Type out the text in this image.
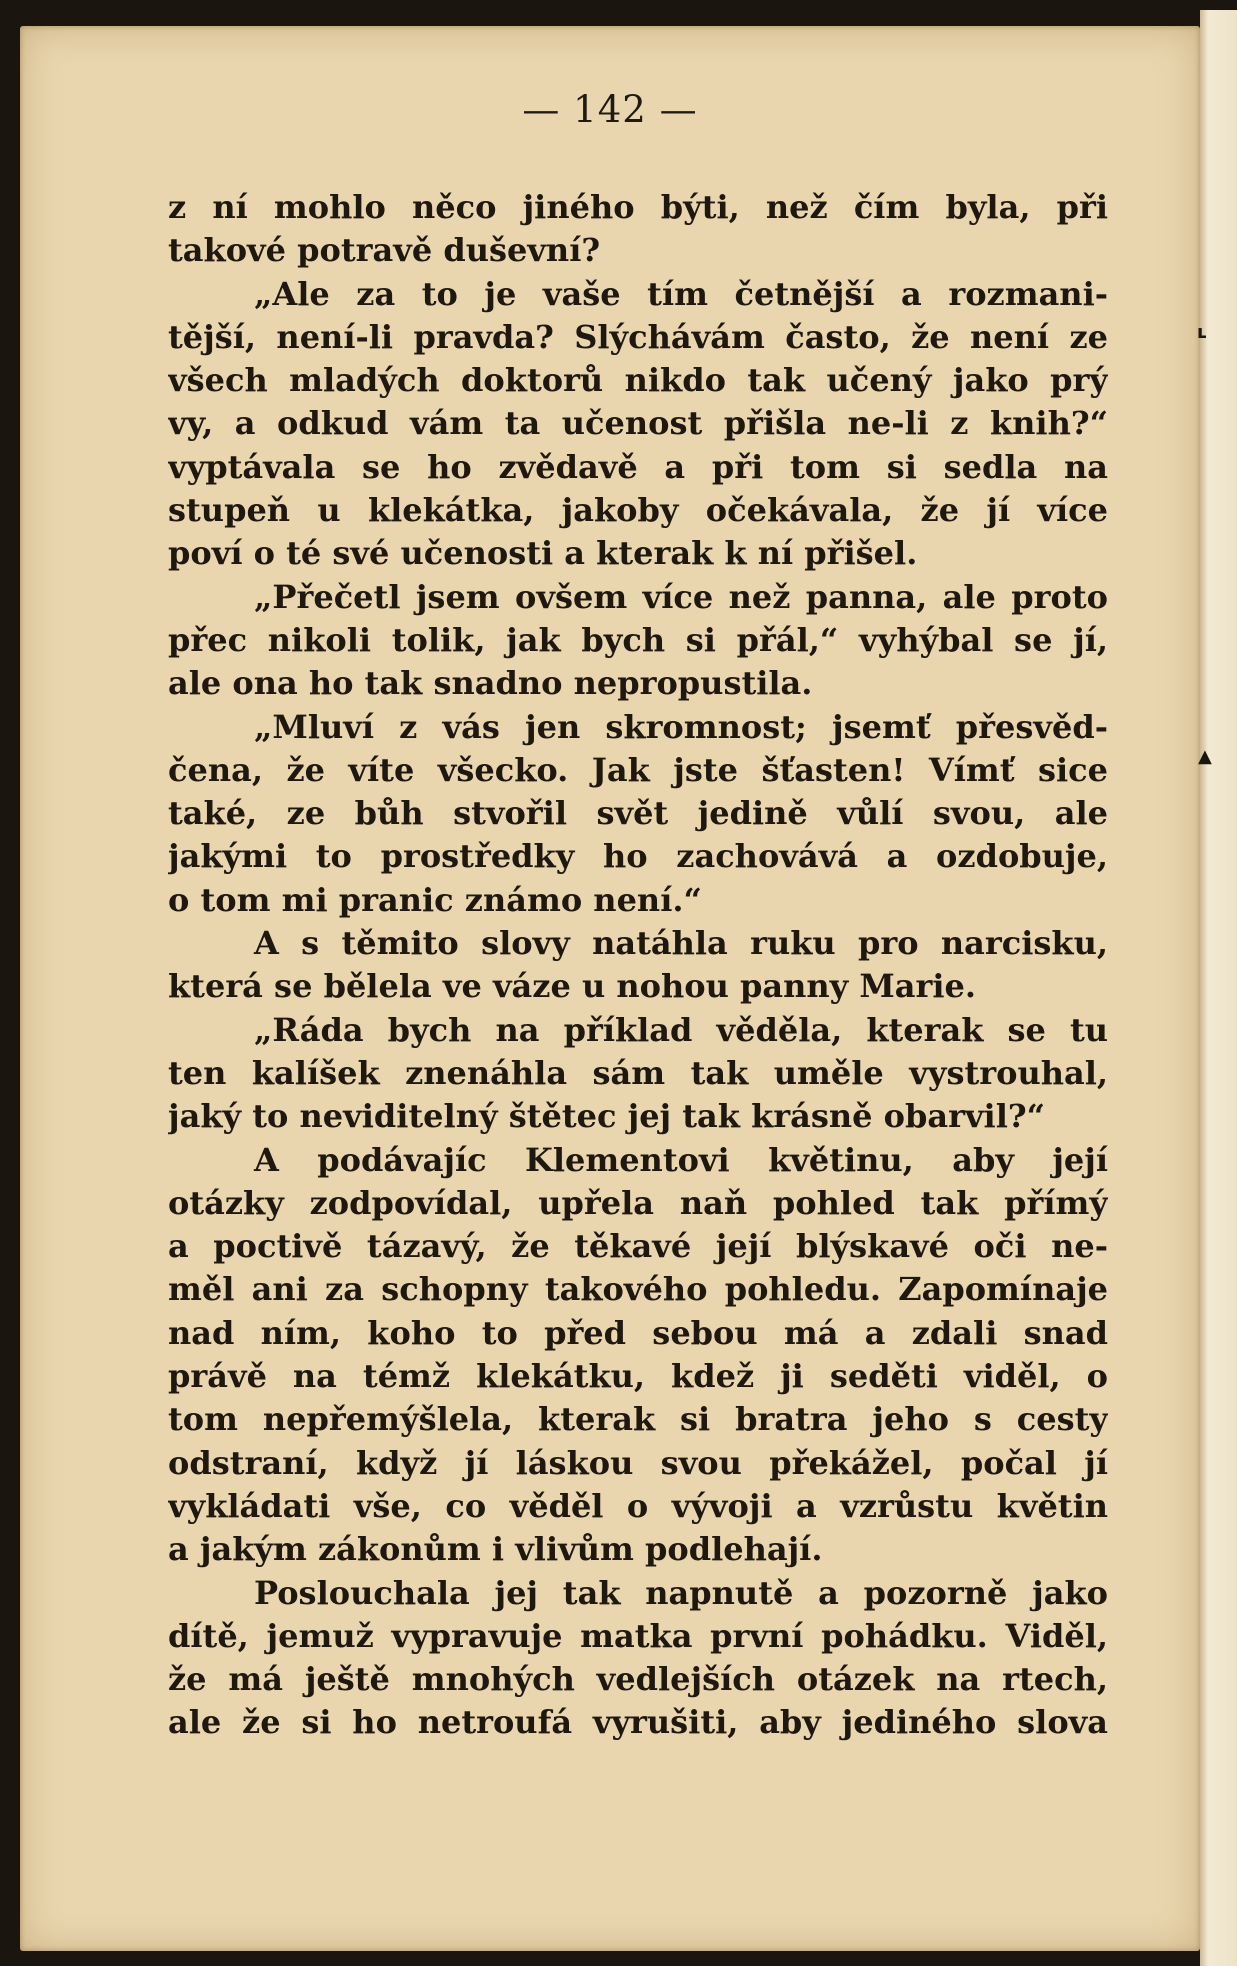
— 142 —
z ní mohlo něco jiného býti, než čím byla, při
takové potravě duševní?
„Ale za to je vaše tím četnější a rozmani-
tější, není-li pravda? Slýchávám často, že není ze
všech mladých doktorů nikdo tak učený jako prý
vy, a odkud vám ta učenost přišla ne-li z knih?“
vyptávala se ho zvědavě a při tom si sedla na
stupeň u klekátka, jakoby očekávala, že jí více
poví o té své učenosti a kterak k ní přišel.
„Přečetl jsem ovšem více než panna, ale proto
přec nikoli tolik, jak bych si přál,“ vyhýbal se jí,
ale ona ho tak snadno nepropustila.
„Mluví z vás jen skromnost; jsemť přesvěd-
čena, že víte všecko. Jak jste šťasten! Vímť sice
také, ze bůh stvořil svět jedině vůlí svou, ale
jakými to prostředky ho zachovává a ozdobuje,
o tom mi pranic známo není.“
A s těmito slovy natáhla ruku pro narcisku,
která se bělela ve váze u nohou panny Marie.
„Ráda bych na příklad věděla, kterak se tu
ten kalíšek znenáhla sám tak uměle vystrouhal,
jaký to neviditelný štětec jej tak krásně obarvil?“
A podávajíc Klementovi květinu, aby její
otázky zodpovídal, upřela naň pohled tak přímý
a poctivě tázavý, že těkavé její blýskavé oči ne-
měl ani za schopny takového pohledu. Zapomínaje
nad ním, koho to před sebou má a zdali snad
právě na témž klekátku, kdež ji seděti viděl, o
tom nepřemýšlela, kterak si bratra jeho s cesty
odstraní, když jí láskou svou překážel, počal jí
vykládati vše, co věděl o vývoji a vzrůstu květin
a jakým zákonům i vlivům podlehají.
Poslouchala jej tak napnutě a pozorně jako
dítě, jemuž vypravuje matka první pohádku. Viděl,
že má ještě mnohých vedlejších otázek na rtech,
ale že si ho netroufá vyrušiti, aby jediného slova
ʟ
▲
